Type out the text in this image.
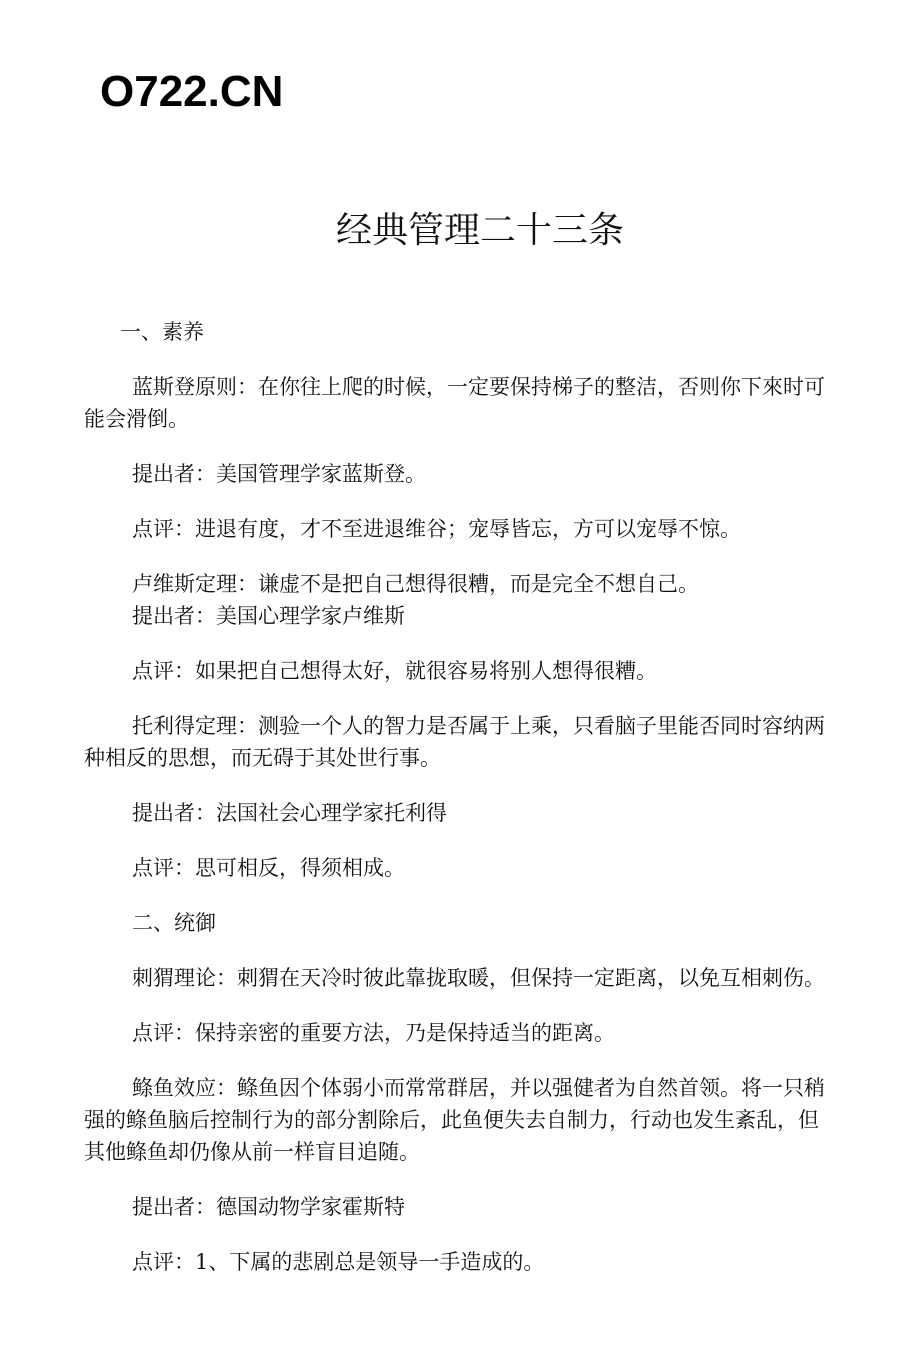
O722.CN
经典管理二十三条

一、素养

蓝斯登原则：在你往上爬的时候，一定要保持梯子的整洁，否则你下來时可能会滑倒。

提出者：美国管理学家蓝斯登。

点评：进退有度，才不至进退维谷；宠辱皆忘，方可以宠辱不惊。

卢维斯定理：谦虚不是把自己想得很糟，而是完全不想自己。

提出者：美国心理学家卢维斯

点评：如果把自己想得太好，就很容易将别人想得很糟。

托利得定理：测验一个人的智力是否属于上乘，只看脑子里能否同时容纳两种相反的思想，而无碍于其处世行事。

提出者：法国社会心理学家托利得

点评：思可相反，得须相成。

二、统御

刺猬理论：刺猬在天冷时彼此靠拢取暖，但保持一定距离，以免互相刺伤。

点评：保持亲密的重要方法，乃是保持适当的距离。

鲦鱼效应：鲦鱼因个体弱小而常常群居，并以强健者为自然首领。将一只稍强的鲦鱼脑后控制行为的部分割除后，此鱼便失去自制力，行动也发生紊乱，但其他鲦鱼却仍像从前一样盲目追随。

提出者：德国动物学家霍斯特

点评：1、下属的悲剧总是领导一手造成的。
